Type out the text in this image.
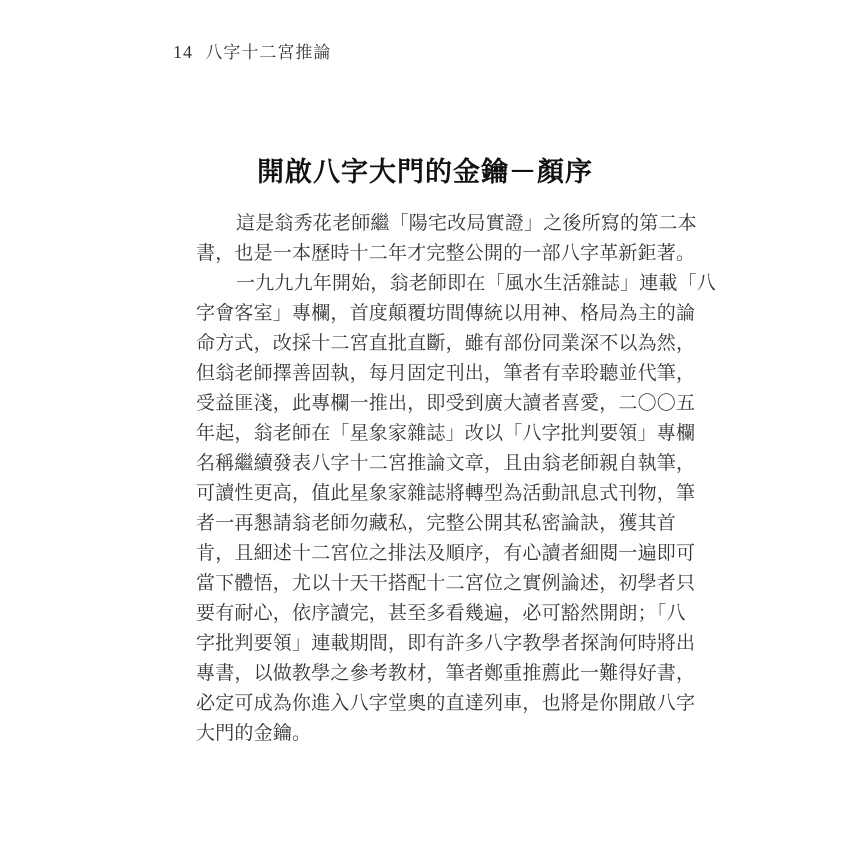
14 八字十二宮推論
開啟八字大門的金鑰－顏序
這是翁秀花老師繼「陽宅改局實證」之後所寫的第二本
書，也是一本歷時十二年才完整公開的一部八字革新鉅著。
一九九九年開始，翁老師即在「風水生活雜誌」連載「八
字會客室」專欄，首度顛覆坊間傳統以用神、格局為主的論
命方式，改採十二宮直批直斷，雖有部份同業深不以為然，
但翁老師擇善固執，每月固定刊出，筆者有幸聆聽並代筆，
受益匪淺，此專欄一推出，即受到廣大讀者喜愛，二〇〇五
年起，翁老師在「星象家雜誌」改以「八字批判要領」專欄
名稱繼續發表八字十二宮推論文章，且由翁老師親自執筆，
可讀性更高，值此星象家雜誌將轉型為活動訊息式刊物，筆
者一再懇請翁老師勿藏私，完整公開其私密論訣，獲其首
肯，且細述十二宮位之排法及順序，有心讀者細閱一遍即可
當下體悟，尤以十天干搭配十二宮位之實例論述，初學者只
要有耐心，依序讀完，甚至多看幾遍，必可豁然開朗；「八
字批判要領」連載期間，即有許多八字教學者探詢何時將出
專書，以做教學之參考教材，筆者鄭重推薦此一難得好書，
必定可成為你進入八字堂奧的直達列車，也將是你開啟八字
大門的金鑰。
